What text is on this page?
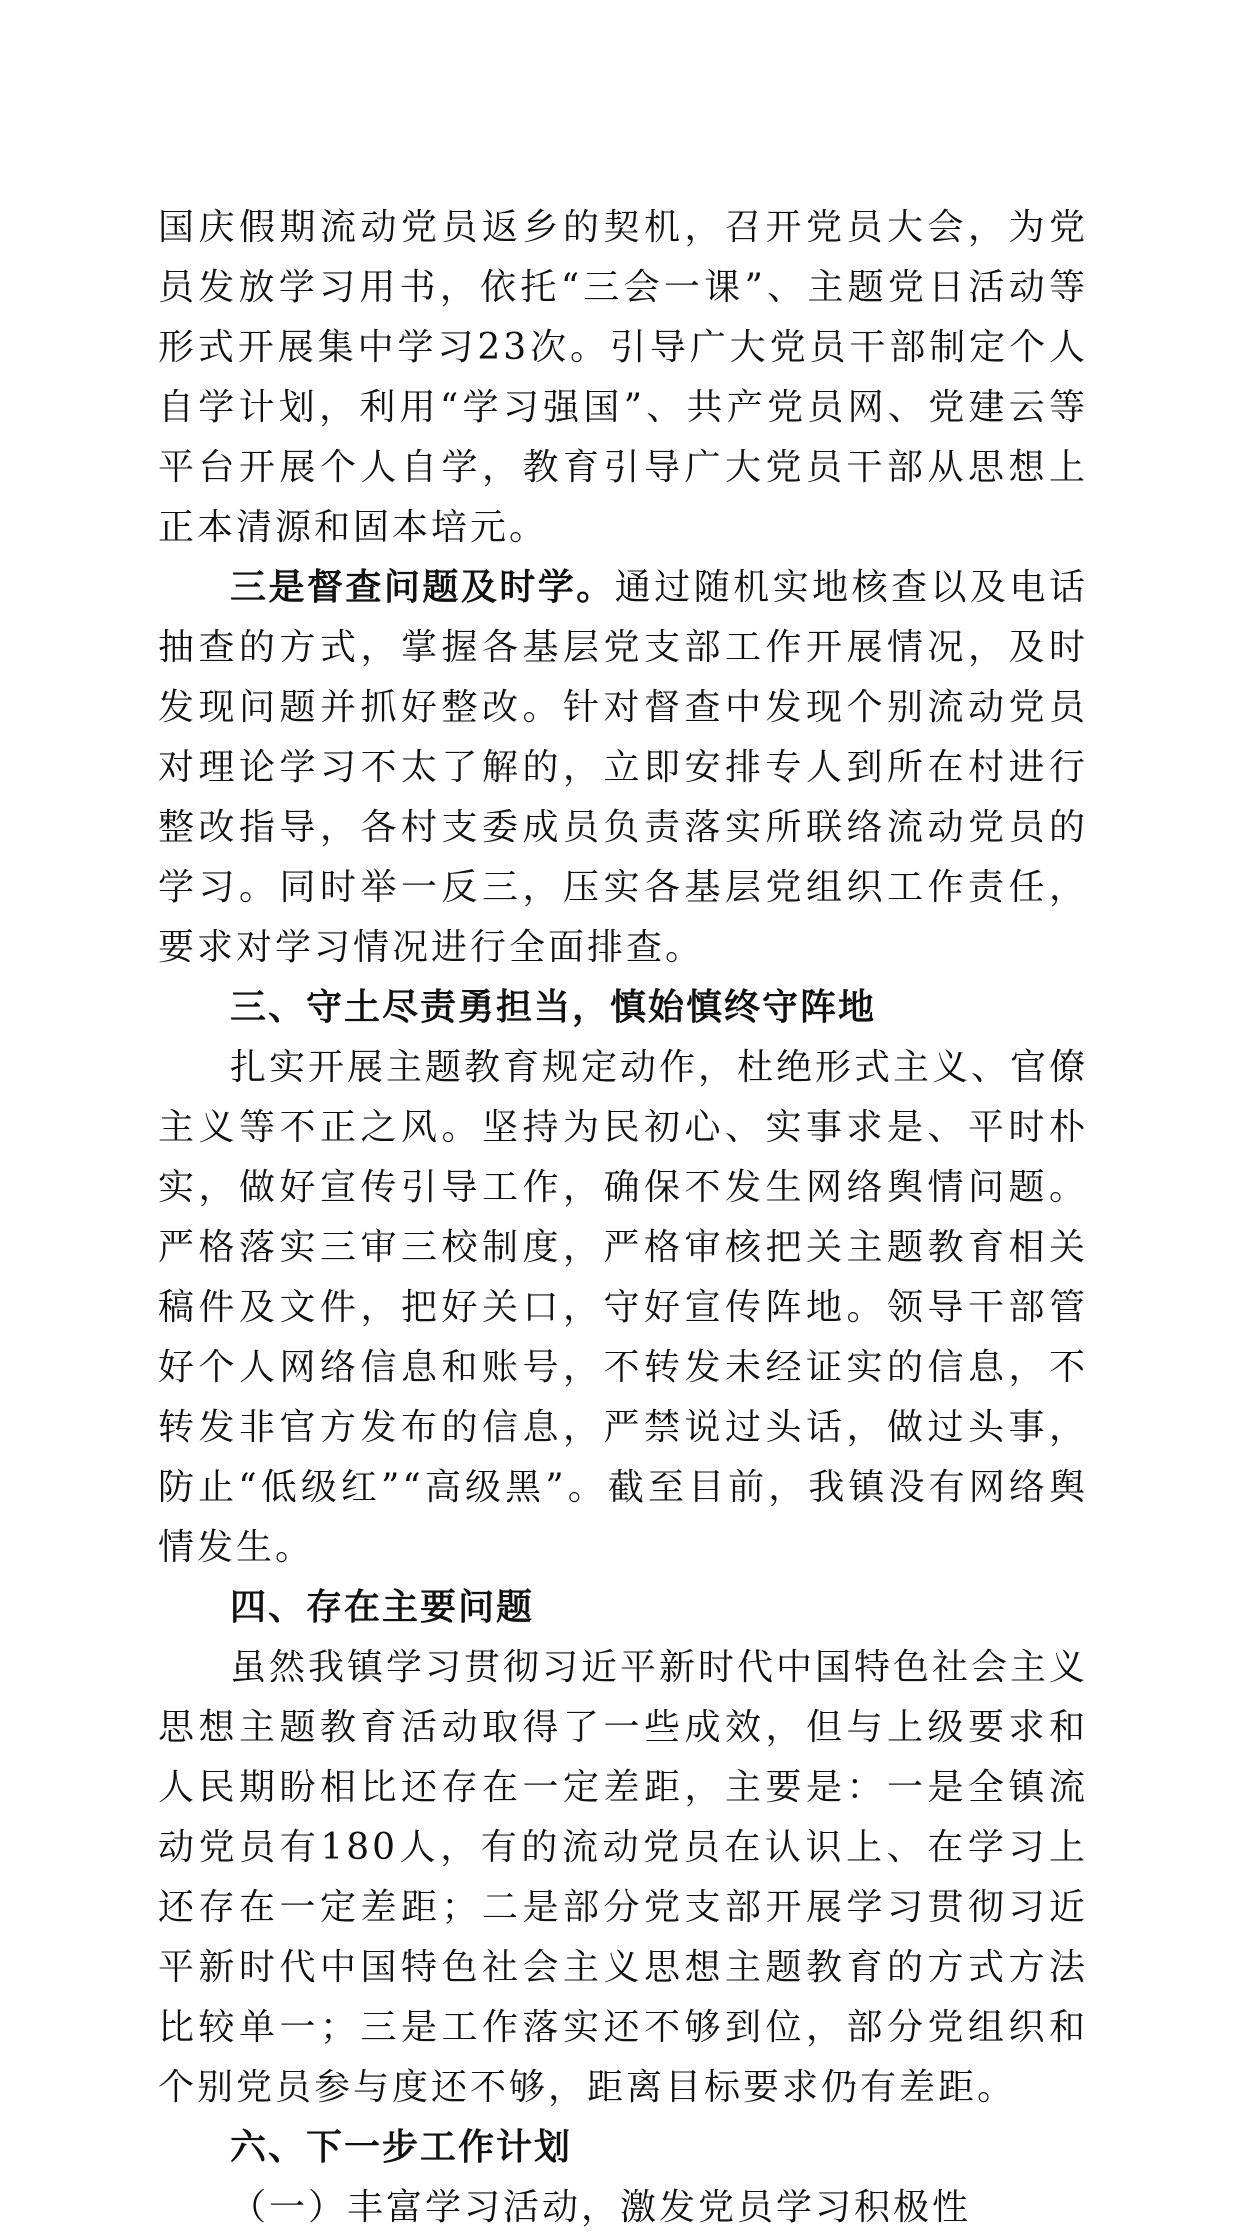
国庆假期流动党员返乡的契机，召开党员大会，为党员发放学习用书，依托“三会一课”、主题党日活动等形式开展集中学习23次。引导广大党员干部制定个人自学计划，利用“学习强国”、共产党员网、党建云等平台开展个人自学，教育引导广大党员干部从思想上正本清源和固本培元。

三是督查问题及时学。通过随机实地核查以及电话抽查的方式，掌握各基层党支部工作开展情况，及时发现问题并抓好整改。针对督查中发现个别流动党员对理论学习不太了解的，立即安排专人到所在村进行整改指导，各村支委成员负责落实所联络流动党员的学习。同时举一反三，压实各基层党组织工作责任，要求对学习情况进行全面排查。

三、守土尽责勇担当，慎始慎终守阵地

扎实开展主题教育规定动作，杜绝形式主义、官僚主义等不正之风。坚持为民初心、实事求是、平时朴实，做好宣传引导工作，确保不发生网络舆情问题。严格落实三审三校制度，严格审核把关主题教育相关稿件及文件，把好关口，守好宣传阵地。领导干部管好个人网络信息和账号，不转发未经证实的信息，不转发非官方发布的信息，严禁说过头话，做过头事，防止“低级红”“高级黑”。截至目前，我镇没有网络舆情发生。

四、存在主要问题

虽然我镇学习贯彻习近平新时代中国特色社会主义思想主题教育活动取得了一些成效，但与上级要求和人民期盼相比还存在一定差距，主要是：一是全镇流动党员有180人，有的流动党员在认识上、在学习上还存在一定差距；二是部分党支部开展学习贯彻习近平新时代中国特色社会主义思想主题教育的方式方法比较单一；三是工作落实还不够到位，部分党组织和个别党员参与度还不够，距离目标要求仍有差距。

六、下一步工作计划

（一）丰富学习活动，激发党员学习积极性
